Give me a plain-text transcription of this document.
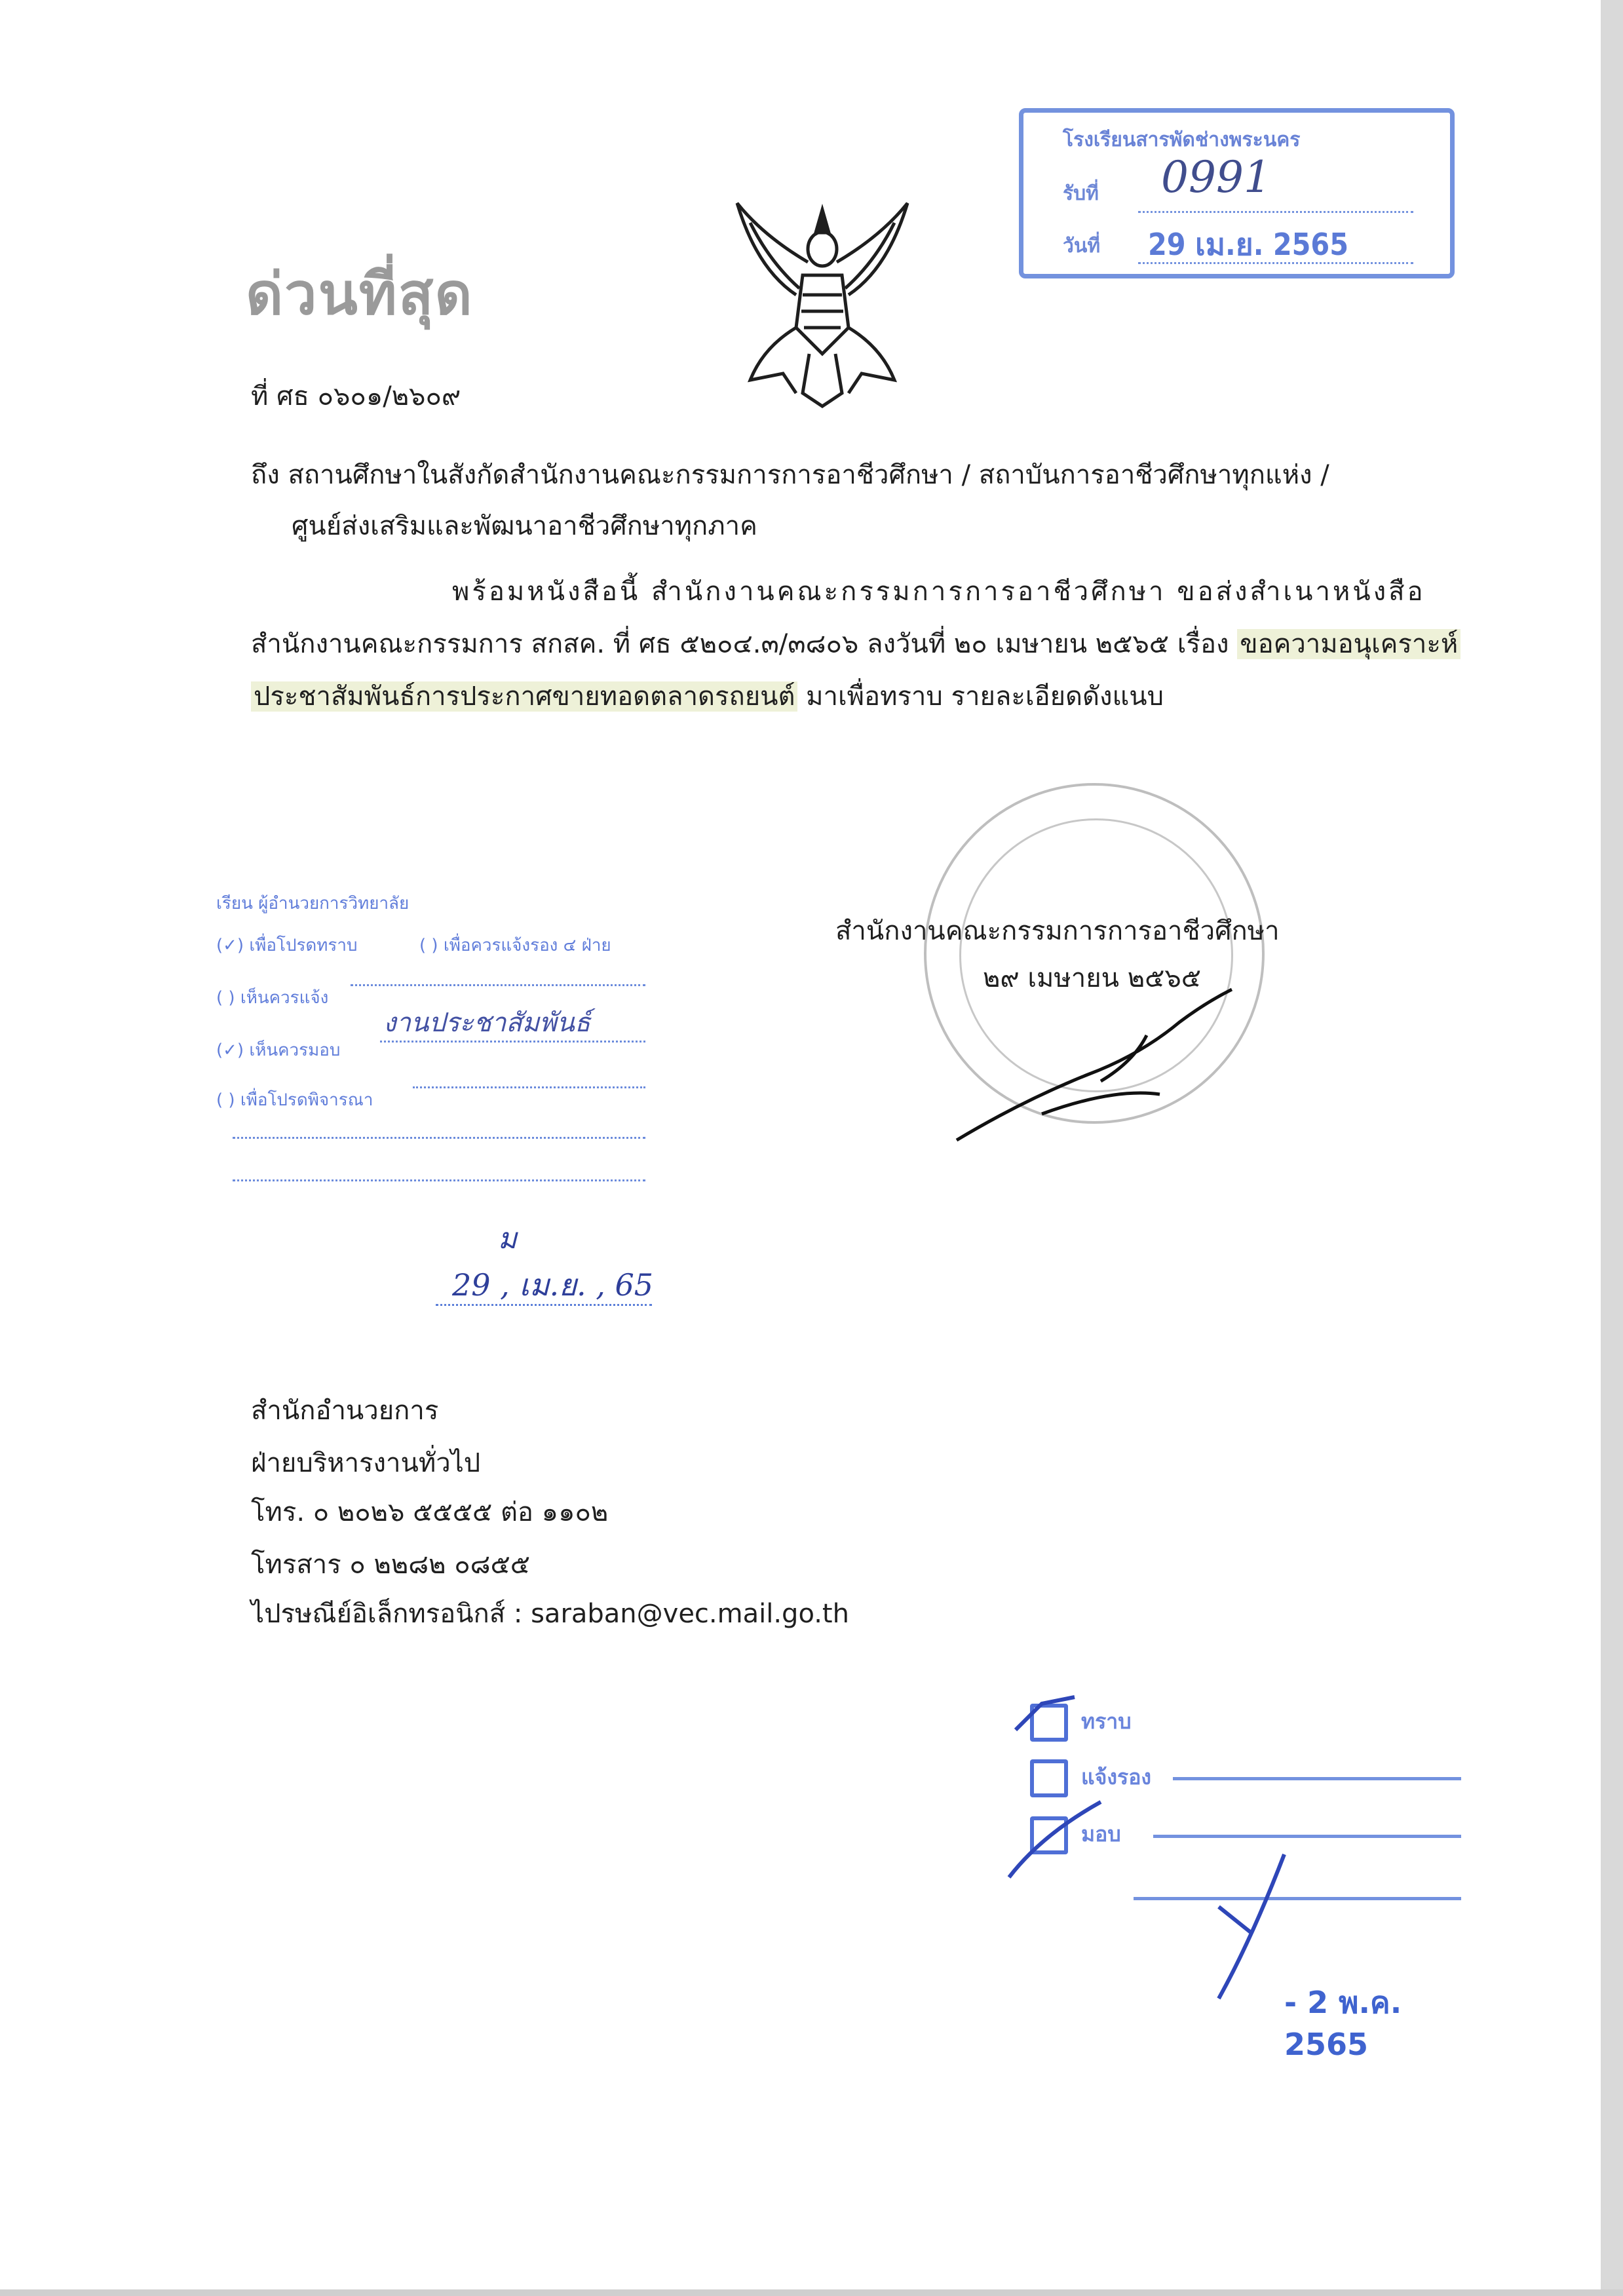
ด่วนที่สุด
โรงเรียนสารพัดช่างพระนคร
รับที่
วันที่
0991
29 เม.ย. 2565
ที่ ศธ ๐๖๐๑/๒๖๐๙
ถึง สถานศึกษาในสังกัดสำนักงานคณะกรรมการการอาชีวศึกษา / สถาบันการอาชีวศึกษาทุกแห่ง /
ศูนย์ส่งเสริมและพัฒนาอาชีวศึกษาทุกภาค
พร้อมหนังสือนี้ สำนักงานคณะกรรมการการอาชีวศึกษา ขอส่งสำเนาหนังสือ
สำนักงานคณะกรรมการ สกสค. ที่ ศธ ๕๒๐๔.๓/๓๘๐๖ ลงวันที่ ๒๐ เมษายน ๒๕๖๕ เรื่อง ขอความอนุเคราะห์
ประชาสัมพันธ์การประกาศขายทอดตลาดรถยนต์ มาเพื่อทราบ รายละเอียดดังแนบ
สำนักงานคณะกรรมการการอาชีวศึกษา
๒๙ เมษายน ๒๕๖๕
เรียน ผู้อำนวยการวิทยาลัย
(✓) เพื่อโปรดทราบ	( ) เพื่อควรแจ้งรอง ๔ ฝ่าย
( ) เห็นควรแจ้ง
(✓) เห็นควรมอบ
งานประชาสัมพันธ์
( ) เพื่อโปรดพิจารณา
ม
29 , เม.ย. , 65
สำนักอำนวยการ
ฝ่ายบริหารงานทั่วไป
โทร. ๐ ๒๐๒๖ ๕๕๕๕ ต่อ ๑๑๐๒
โทรสาร ๐ ๒๒๘๒ ๐๘๕๕
ไปรษณีย์อิเล็กทรอนิกส์ : saraban@vec.mail.go.th
ทราบ
แจ้งรอง
มอบ
- 2 พ.ค. 2565
